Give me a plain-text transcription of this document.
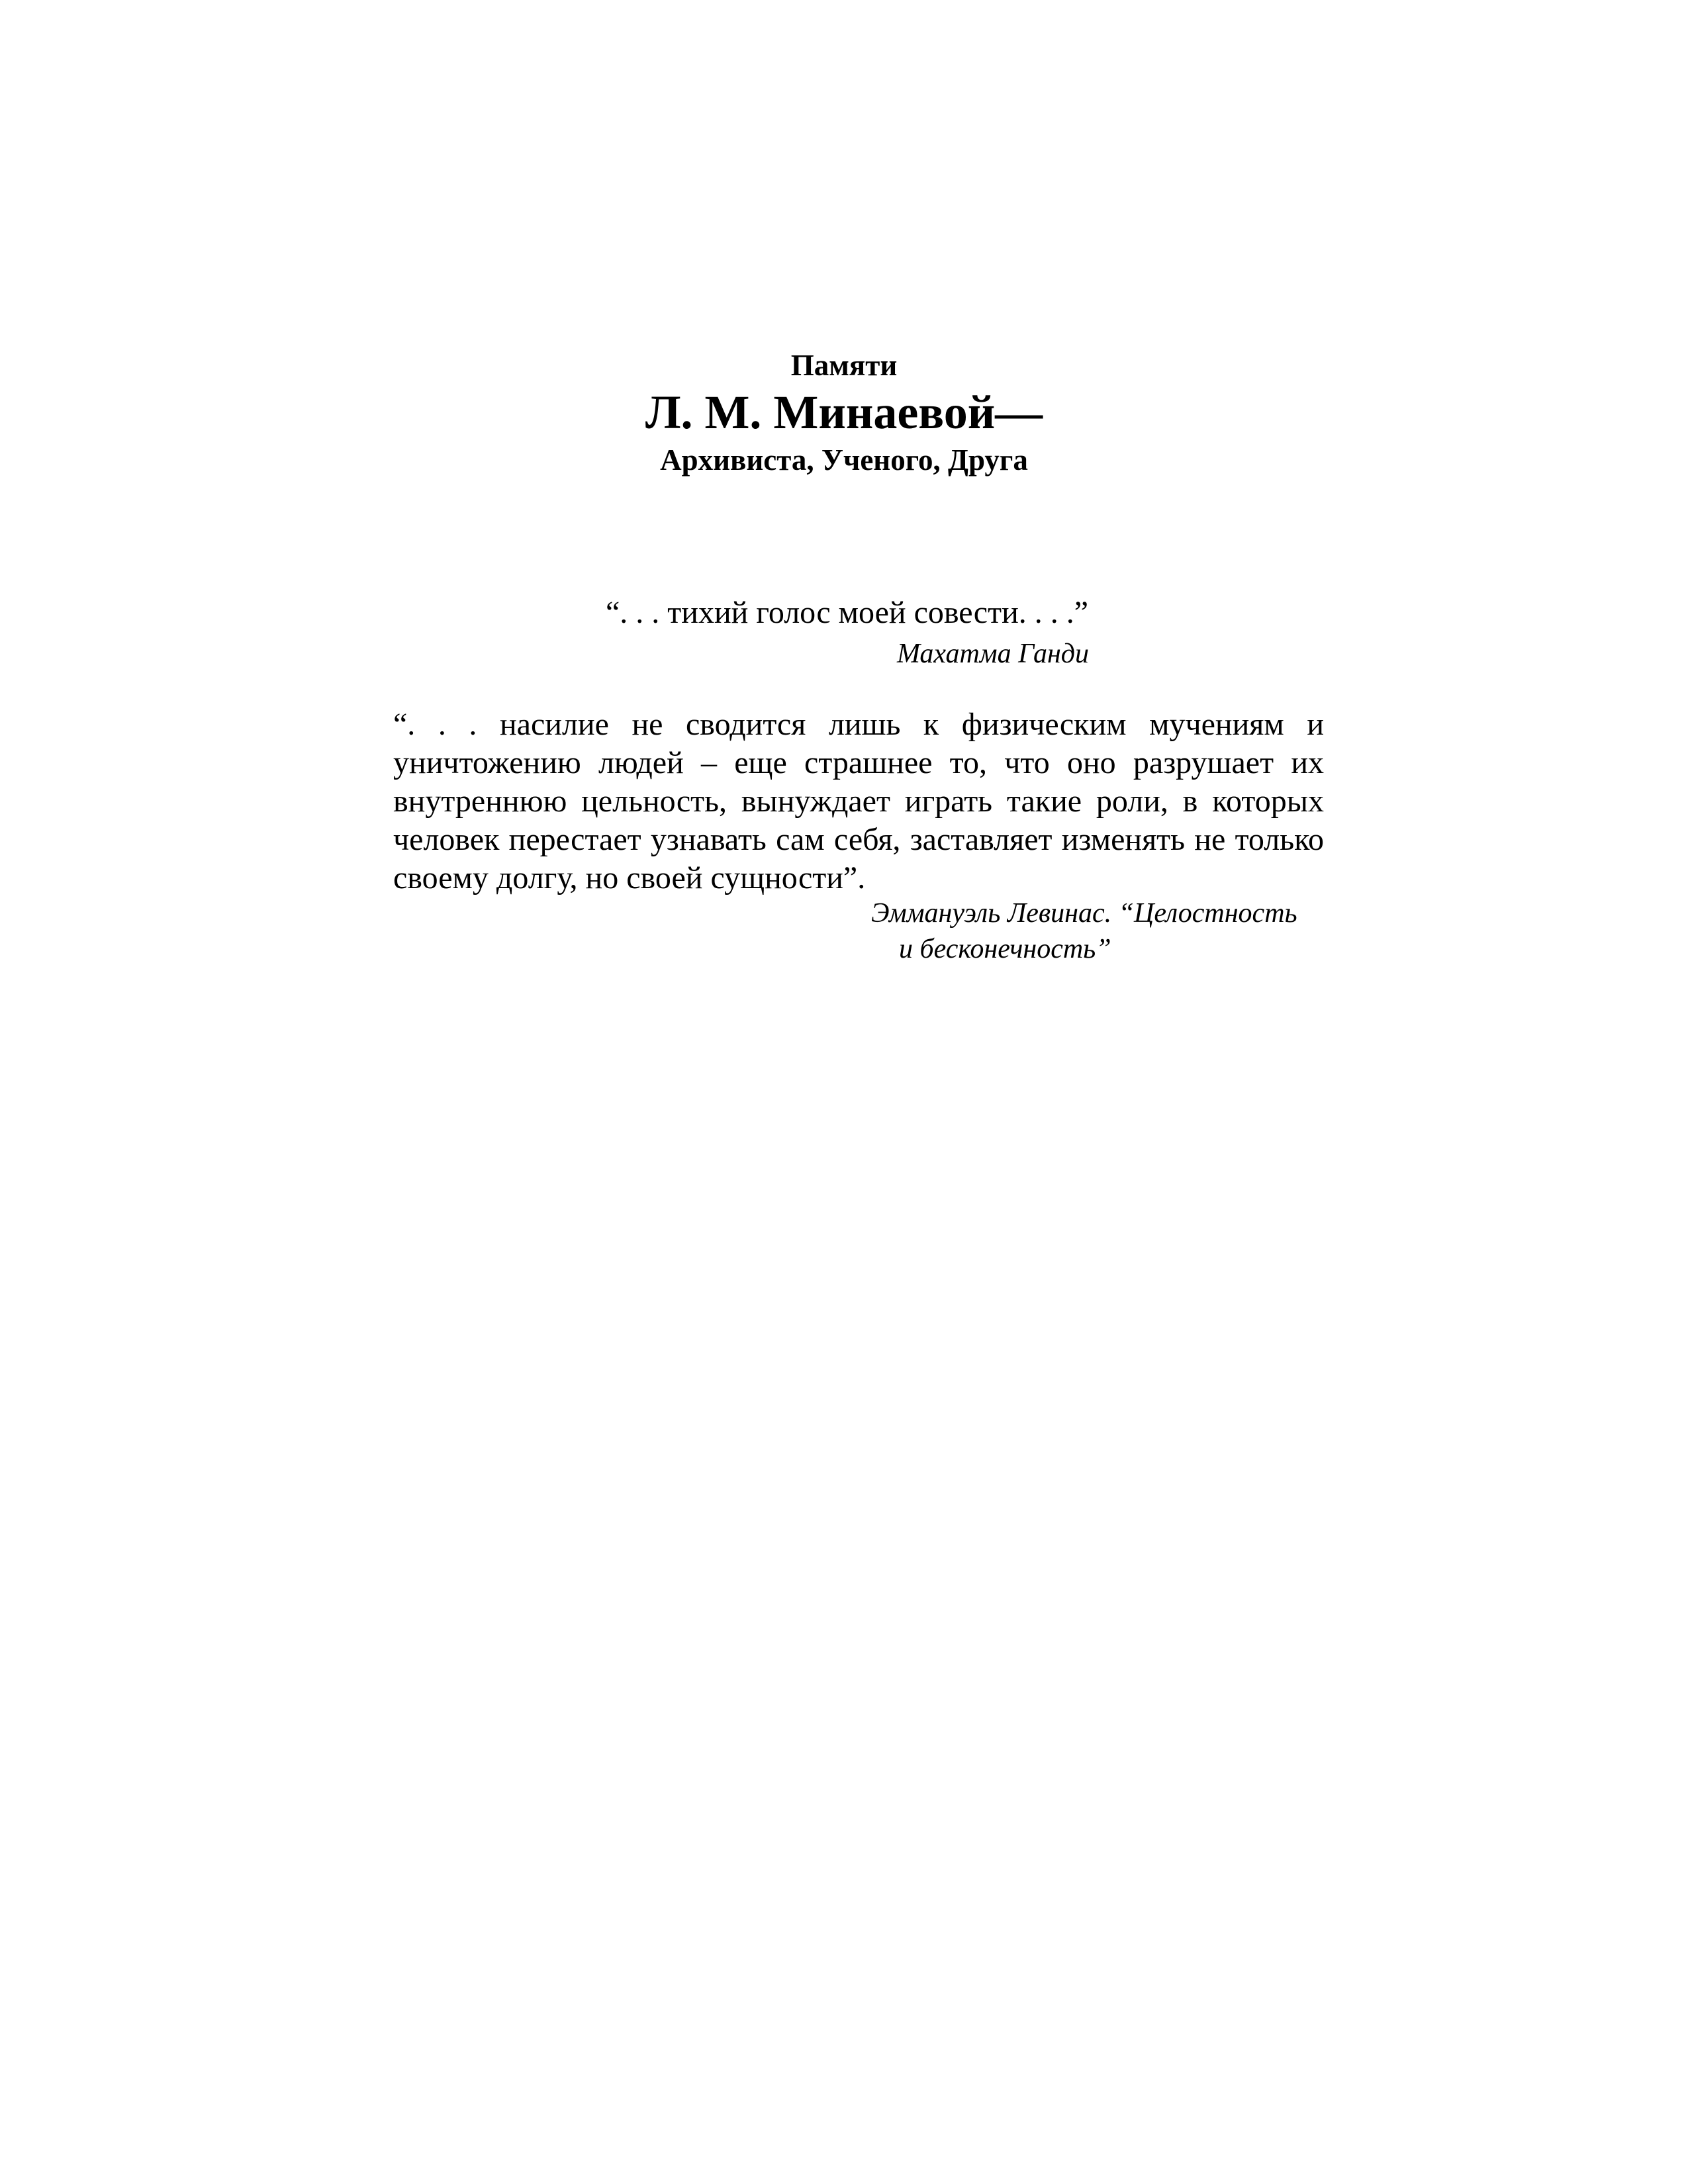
Памяти
Л. М. Минаевой—
Архивиста, Ученого, Друга
“. . . тихий голос моей совести. . . .”
Махатма Ганди
“. . . насилие не сводится лишь к физическим мучениям и уничтожению людей – еще страшнее то, что оно разрушает их внутреннюю цельность, вынуждает играть такие роли, в которых человек перестает узнавать сам себя, заставляет изменять не только своему долгу, но своей сущности”.
Эммануэль Левинас. “Целостность
и бесконечность”
